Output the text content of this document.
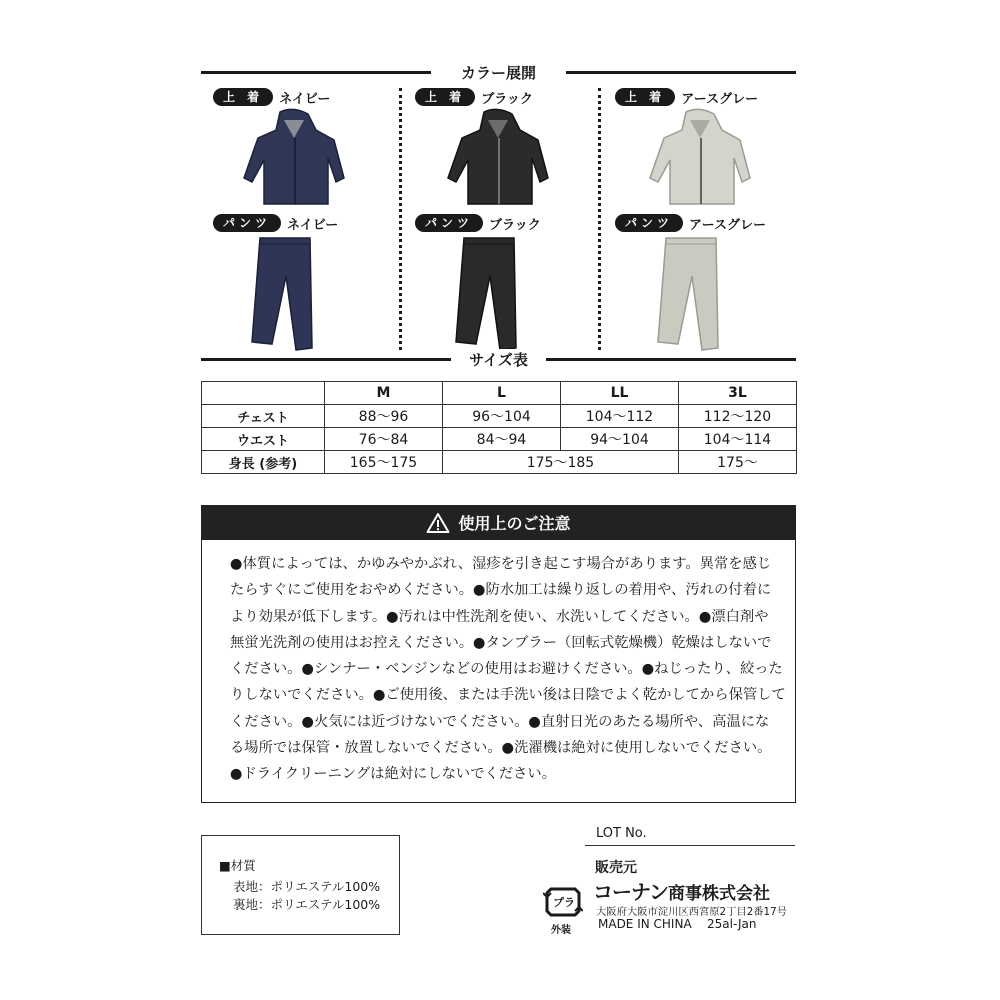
カラー展開
上 着	ネイビー
パンツ	ネイビー
上 着	ブラック
パンツ	ブラック
上 着	アースグレー
パンツ	アースグレー
サイズ表
	M	L	LL	3L
チェスト	88〜96	96〜104	104〜112	112〜120
ウエスト	76〜84	84〜94	94〜104	104〜114
身長 (参考)	165〜175	175〜185		175〜
使用上のご注意

●体質によっては、かゆみやかぶれ、湿疹を引き起こす場合があります。異常を感じ

たらすぐにご使用をおやめください。●防水加工は繰り返しの着用や、汚れの付着に

より効果が低下します。●汚れは中性洗剤を使い、水洗いしてください。●漂白剤や

無蛍光洗剤の使用はお控えください。●タンブラー（回転式乾燥機）乾燥はしないで

ください。●シンナー・ベンジンなどの使用はお避けください。●ねじったり、絞った

りしないでください。●ご使用後、または手洗い後は日陰でよく乾かしてから保管して

ください。●火気には近づけないでください。●直射日光のあたる場所や、高温にな

る場所では保管・放置しないでください。●洗濯機は絶対に使用しないでください。

●ドライクリーニングは絶対にしないでください。

■材質
表地：ポリエステル100%
裏地：ポリエステル100%
LOT No.
プラ
外装
販売元
コーナン商事株式会社
大阪府大阪市淀川区西宮原2丁目2番17号
MADE IN CHINA 25al-Jan
